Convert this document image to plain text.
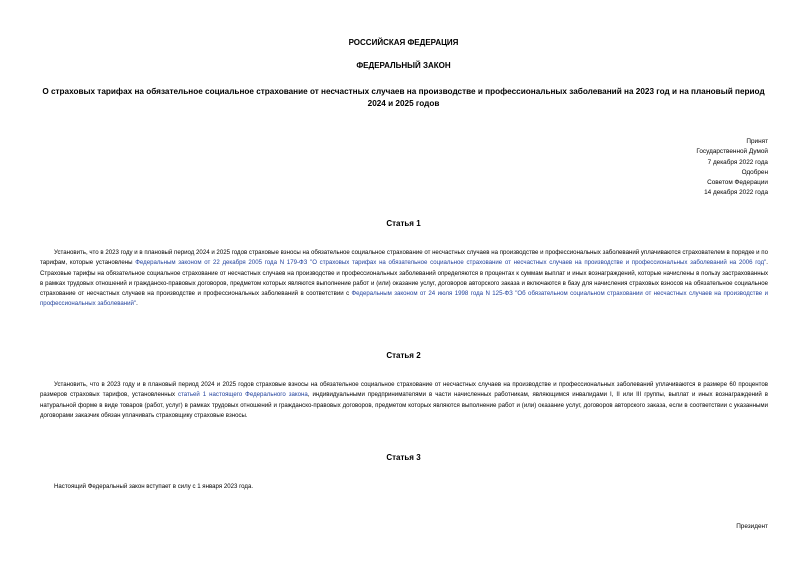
РОССИЙСКАЯ ФЕДЕРАЦИЯ
ФЕДЕРАЛЬНЫЙ ЗАКОН
О страховых тарифах на обязательное социальное страхование от несчастных случаев на производстве и профессиональных заболеваний на 2023 год и на плановый период 2024 и 2025 годов
Принят
Государственной Думой
7 декабря 2022 года
Одобрен
Советом Федерации
14 декабря 2022 года
Статья 1
Установить, что в 2023 году и в плановый период 2024 и 2025 годов страховые взносы на обязательное социальное страхование от несчастных случаев на производстве и профессиональных заболеваний уплачиваются страхователем в порядке и по тарифам, которые установлены Федеральным законом от 22 декабря 2005 года N 179-ФЗ "О страховых тарифах на обязательное социальное страхование от несчастных случаев на производстве и профессиональных заболеваний на 2006 год". Страховые тарифы на обязательное социальное страхование от несчастных случаев на производстве и профессиональных заболеваний определяются в процентах к суммам выплат и иных вознаграждений, которые начислены в пользу застрахованных в рамках трудовых отношений и гражданско-правовых договоров, предметом которых являются выполнение работ и (или) оказание услуг, договоров авторского заказа и включаются в базу для начисления страховых взносов на обязательное социальное страхование от несчастных случаев на производстве и профессиональных заболеваний в соответствии с Федеральным законом от 24 июля 1998 года N 125-ФЗ "Об обязательном социальном страховании от несчастных случаев на производстве и профессиональных заболеваний".
Статья 2
Установить, что в 2023 году и в плановый период 2024 и 2025 годов страховые взносы на обязательное социальное страхование от несчастных случаев на производстве и профессиональных заболеваний уплачиваются в размере 60 процентов размеров страховых тарифов, установленных статьей 1 настоящего Федерального закона, индивидуальными предпринимателями в части начисленных работникам, являющимся инвалидами I, II или III группы, выплат и иных вознаграждений в натуральной форме в виде товаров (работ, услуг) в рамках трудовых отношений и гражданско-правовых договоров, предметом которых являются выполнение работ и (или) оказание услуг, договоров авторского заказа, если в соответствии с указанными договорами заказчик обязан уплачивать страховщику страховые взносы.
Статья 3
Настоящий Федеральный закон вступает в силу с 1 января 2023 года.
Президент
